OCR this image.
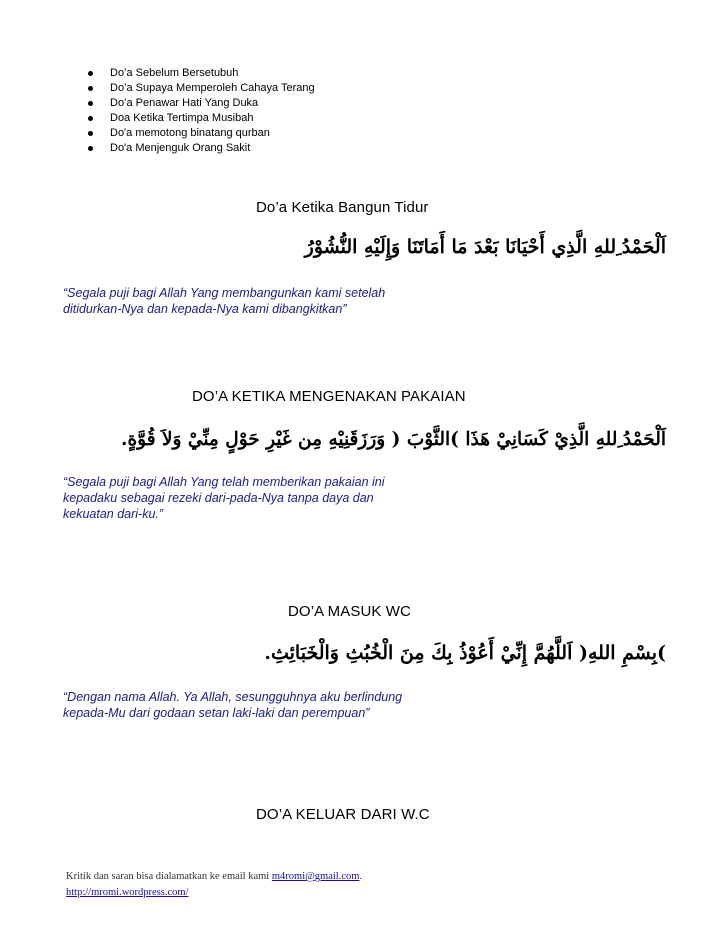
Do’a Sebelum Bersetubuh
Do’a Supaya Memperoleh Cahaya Terang
Do’a Penawar Hati Yang Duka
Doa Ketika Tertimpa Musibah
Do'a memotong binatang qurban
Do'a Menjenguk Orang Sakit
Do’a Ketika Bangun Tidur
اَلْحَمْدُ ِللهِ الَّذِي أَحْيَانَا بَعْدَ مَا أَمَاتَنَا وَإِلَيْهِ النُّشُوْرُ

“Segala puji bagi Allah Yang membangunkan kami setelah ditidurkan-Nya dan kepada-Nya kami dibangkitkan”

DO’A KETIKA MENGENAKAN PAKAIAN
اَلْحَمْدُ ِللهِ الَّذِيْ كَسَانِيْ هَذَا )الثَّوْبَ ( وَرَزَقَنِيْهِ مِن غَيْرِ حَوْلٍ مِنِّيْ وَلاَ قُوَّةٍ.

“Segala puji bagi Allah Yang telah memberikan pakaian ini kepadaku sebagai rezeki dari-pada-Nya tanpa daya dan kekuatan dari-ku.”

DO’A MASUK WC
)بِسْمِ اللهِ( اَللَّهُمَّ إِنِّيْ أَعُوْذُ بِكَ مِنَ الْخُبُثِ وَالْخَبَائِثِ.

“Dengan nama Allah. Ya Allah, sesungguhnya aku berlindung kepada-Mu dari godaan setan laki-laki dan perempuan”

DO’A KELUAR DARI W.C
Kritik dan saran bisa dialamatkan ke email kami m4romi@gmail.com.
http://mromi.wordpress.com/
